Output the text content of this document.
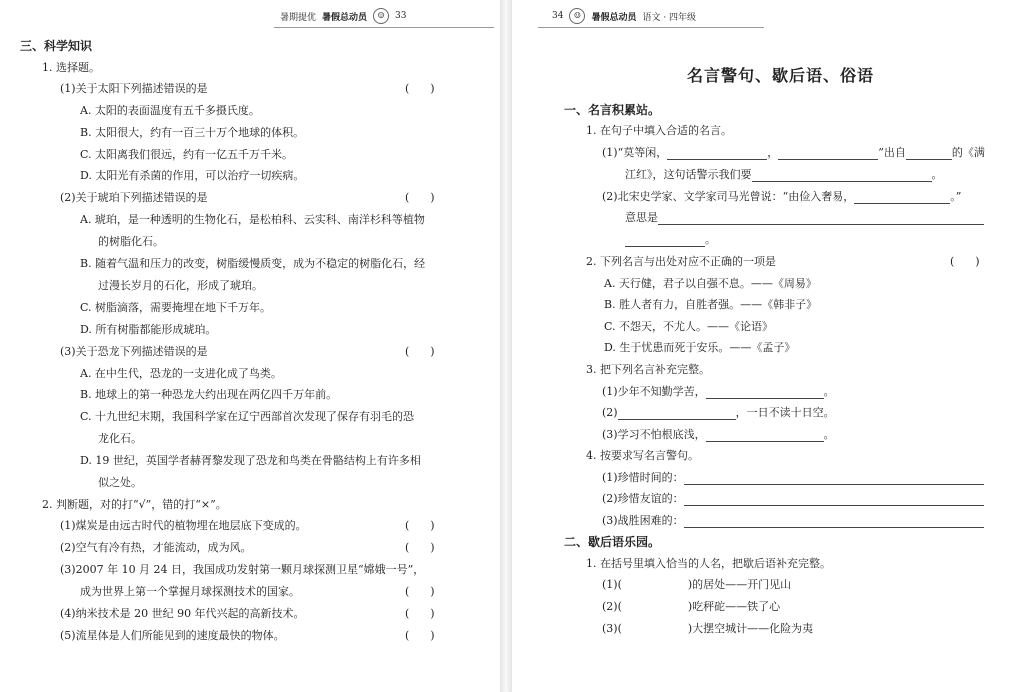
暑期提优 暑假总动员	☺	33
三、科学知识
1. 选择题。
(1)关于太阳下列描述错误的是	(      )
A. 太阳的表面温度有五千多摄氏度。
B. 太阳很大，约有一百三十万个地球的体积。
C. 太阳离我们很远，约有一亿五千万千米。
D. 太阳光有杀菌的作用，可以治疗一切疾病。
(2)关于琥珀下列描述错误的是	(      )
A. 琥珀，是一种透明的生物化石，是松柏科、云实科、南洋杉科等植物
的树脂化石。
B. 随着气温和压力的改变，树脂缓慢质变，成为不稳定的树脂化石，经
过漫长岁月的石化，形成了琥珀。
C. 树脂滴落，需要掩埋在地下千万年。
D. 所有树脂都能形成琥珀。
(3)关于恐龙下列描述错误的是	(      )
A. 在中生代，恐龙的一支进化成了鸟类。
B. 地球上的第一种恐龙大约出现在两亿四千万年前。
C. 十九世纪末期，我国科学家在辽宁西部首次发现了保存有羽毛的恐
龙化石。
D. 19 世纪，英国学者赫胥黎发现了恐龙和鸟类在骨骼结构上有许多相
似之处。
2. 判断题，对的打“√”，错的打“×”。
(1)煤炭是由远古时代的植物埋在地层底下变成的。	(      )
(2)空气有冷有热，才能流动，成为风。	(      )
(3)2007 年 10 月 24 日，我国成功发射第一颗月球探测卫星“嫦娥一号”，
成为世界上第一个掌握月球探测技术的国家。	(      )
(4)纳米技术是 20 世纪 90 年代兴起的高新技术。	(      )
(5)流星体是人们所能见到的速度最快的物体。	(      )
34	☺	暑假总动员 语文 · 四年级
名言警句、歇后语、俗语
一、名言积累站。
1. 在句子中填入合适的名言。
(1)“莫等闲，	，	”出自	的《满
江红》，这句话警示我们要	。
(2)北宋史学家、文学家司马光曾说：“由俭入奢易，	。”
意思是
。
2. 下列名言与出处对应不正确的一项是	(      )
A. 天行健，君子以自强不息。——《周易》
B. 胜人者有力，自胜者强。——《韩非子》
C. 不怨天，不尤人。——《论语》
D. 生于忧患而死于安乐。——《孟子》
3. 把下列名言补充完整。
(1)少年不知勤学苦，	。
(2)	，一日不读十日空。
(3)学习不怕根底浅，	。
4. 按要求写名言警句。
(1)珍惜时间的：
(2)珍惜友谊的：
(3)战胜困难的：
二、歇后语乐园。
1. 在括号里填入恰当的人名，把歇后语补充完整。
(1)(	)的居处——开门见山
(2)(	)吃秤砣——铁了心
(3)(	)大摆空城计——化险为夷
